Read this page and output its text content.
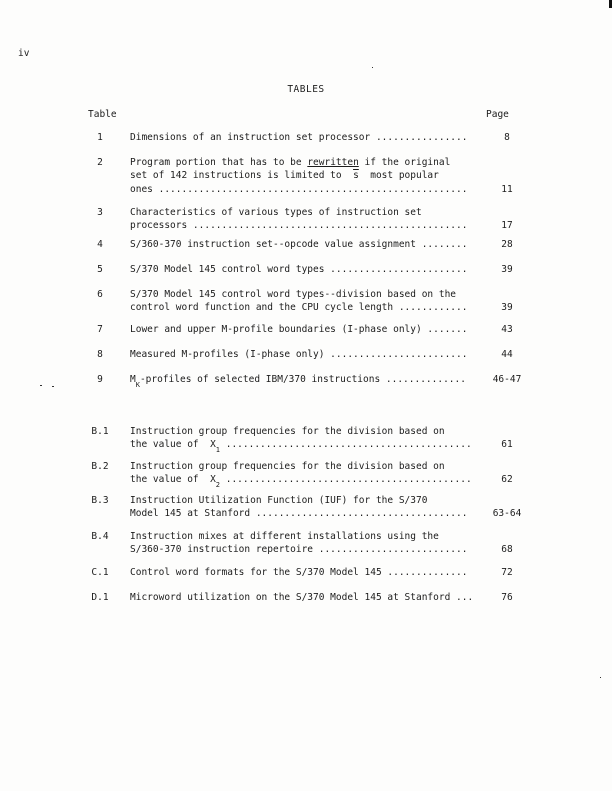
iv
TABLES
Table	Page
1	Dimensions of an instruction set processor ................	8
2	Program portion that has to be rewritten if the original
set of 142 instructions is limited to  $\overline{s}$  most popular
ones ......................................................	11
3	Characteristics of various types of instruction set
processors ................................................	17
4	S/360-370 instruction set--opcode value assignment ........	28
5	S/370 Model 145 control word types ........................	39
6	S/370 Model 145 control word types--division based on the
control word function and the CPU cycle length ............	39
7	Lower and upper M-profile boundaries (I-phase only) .......	43
8	Measured M-profiles (I-phase only) ........................	44
9	$M_K$-profiles of selected IBM/370 instructions ..............	46-47
B.1	Instruction group frequencies for the division based on
the value of  $X_1$ ...........................................	61
B.2	Instruction group frequencies for the division based on
the value of  $X_2$ ...........................................	62
B.3	Instruction Utilization Function (IUF) for the S/370
Model 145 at Stanford .....................................	63-64
B.4	Instruction mixes at different installations using the
S/360-370 instruction repertoire ..........................	68
C.1	Control word formats for the S/370 Model 145 ..............	72
D.1	Microword utilization on the S/370 Model 145 at Stanford ...	76
